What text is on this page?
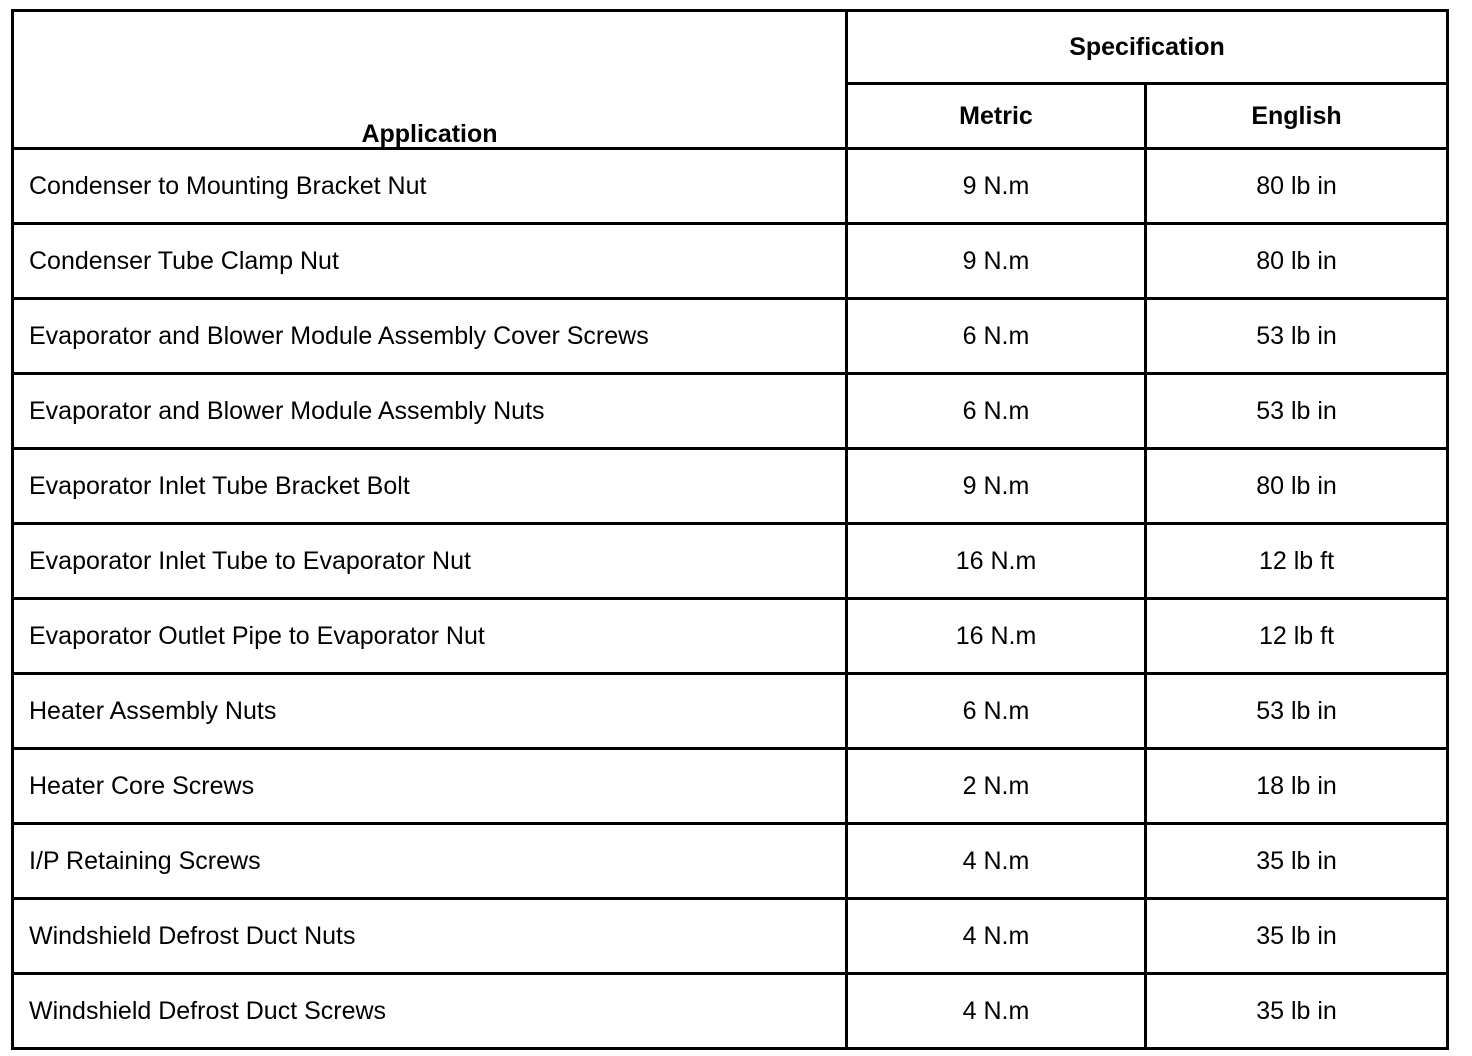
Application	Specification	
	Metric	English
Condenser to Mounting Bracket Nut	9 N.m	80 lb in
Condenser Tube Clamp Nut	9 N.m	80 lb in
Evaporator and Blower Module Assembly Cover Screws	6 N.m	53 lb in
Evaporator and Blower Module Assembly Nuts	6 N.m	53 lb in
Evaporator Inlet Tube Bracket Bolt	9 N.m	80 lb in
Evaporator Inlet Tube to Evaporator Nut	16 N.m	12 lb ft
Evaporator Outlet Pipe to Evaporator Nut	16 N.m	12 lb ft
Heater Assembly Nuts	6 N.m	53 lb in
Heater Core Screws	2 N.m	18 lb in
I/P Retaining Screws	4 N.m	35 lb in
Windshield Defrost Duct Nuts	4 N.m	35 lb in
Windshield Defrost Duct Screws	4 N.m	35 lb in
